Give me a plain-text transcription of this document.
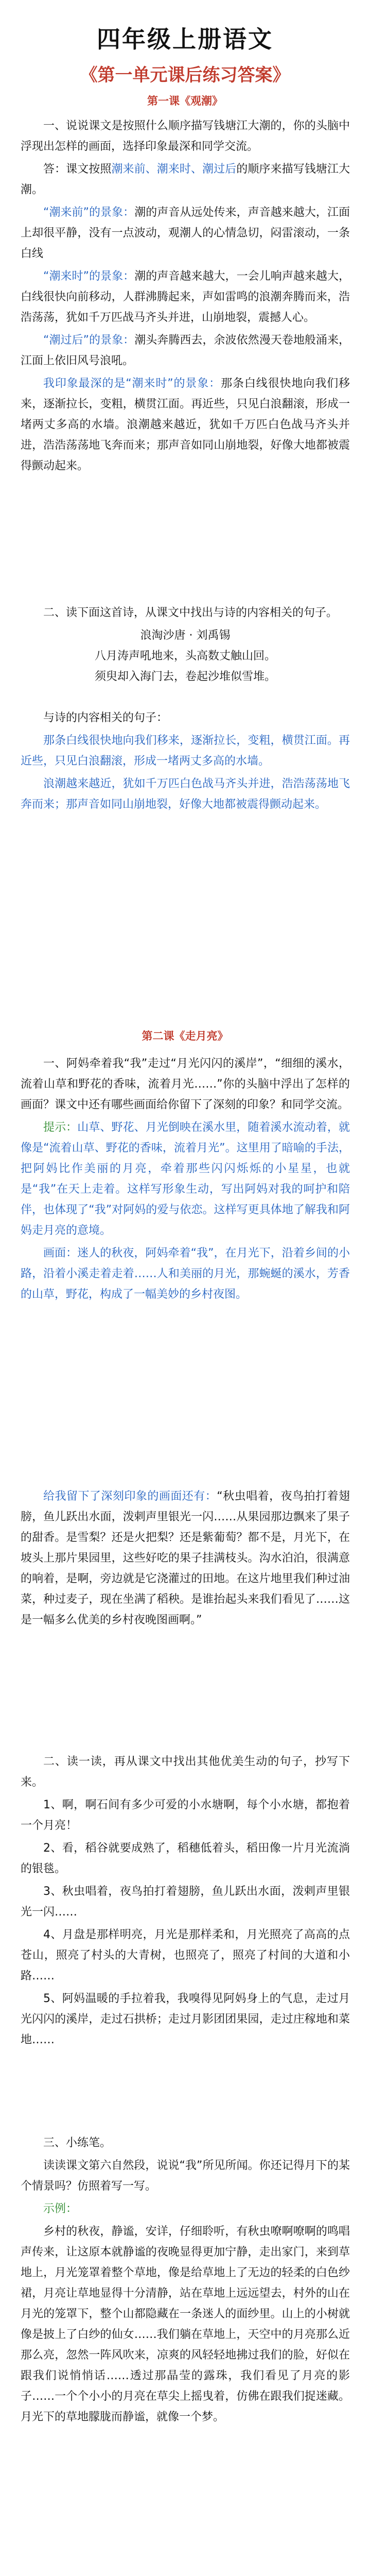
四年级上册语文
《第一单元课后练习答案》
第一课《观潮》

一、说说课文是按照什么顺序描写钱塘江大潮的，你的头脑中浮现出怎样的画面，选择印象最深和同学交流。

答：课文按照潮来前、潮来时、潮过后的顺序来描写钱塘江大潮。

“潮来前”的景象：潮的声音从远处传来，声音越来越大，江面上却很平静，没有一点波动，观潮人的心情急切，闷雷滚动，一条白线

“潮来时”的景象：潮的声音越来越大，一会儿响声越来越大，白线很快向前移动，人群沸腾起来，声如雷鸣的浪潮奔腾而来，浩浩荡荡，犹如千万匹战马齐头并进，山崩地裂，震撼人心。

“潮过后”的景象：潮头奔腾西去，余波依然漫天卷地般涌来，江面上依旧风号浪吼。

我印象最深的是“潮来时”的景象：那条白线很快地向我们移来，逐渐拉长，变粗，横贯江面。再近些，只见白浪翻滚，形成一堵两丈多高的水墙。浪潮越来越近，犹如千万匹白色战马齐头并进，浩浩荡荡地飞奔而来；那声音如同山崩地裂，好像大地都被震得颤动起来。

二、读下面这首诗，从课文中找出与诗的内容相关的句子。

浪淘沙唐 · 刘禹锡

八月涛声吼地来，头高数丈触山回。

须臾却入海门去，卷起沙堆似雪堆。

与诗的内容相关的句子：

那条白线很快地向我们移来，逐渐拉长，变粗，横贯江面。再近些，只见白浪翻滚，形成一堵两丈多高的水墙。

浪潮越来越近，犹如千万匹白色战马齐头并进，浩浩荡荡地飞奔而来；那声音如同山崩地裂，好像大地都被震得颤动起来。

第二课《走月亮》

一、阿妈牵着我“我”走过“月光闪闪的溪岸”，“细细的溪水，流着山草和野花的香味，流着月光……”你的头脑中浮出了怎样的画面？课文中还有哪些画面给你留下了深刻的印象？和同学交流。

提示：山草、野花、月光倒映在溪水里，随着溪水流动着，就像是“流着山草、野花的香味，流着月光”。这里用了暗喻的手法，把阿妈比作美丽的月亮，牵着那些闪闪烁烁的小星星，也就是“我”在天上走着。这样写形象生动，写出阿妈对我的呵护和陪伴，也体现了“我”对阿妈的爱与依恋。这样写更具体地了解我和阿妈走月亮的意境。

画面：迷人的秋夜，阿妈牵着“我”，在月光下，沿着乡间的小路，沿着小溪走着走着……人和美丽的月光，那蜿蜒的溪水，芳香的山草，野花，构成了一幅美妙的乡村夜图。

给我留下了深刻印象的画面还有：“秋虫唱着，夜鸟拍打着翅膀，鱼儿跃出水面，泼剌声里银光一闪……从果园那边飘来了果子的甜香。是雪梨？还是火把梨？还是紫葡萄？都不是，月光下，在坡头上那片果园里，这些好吃的果子挂满枝头。沟水泊泊，很满意的响着，是啊，旁边就是它浇灌过的田地。在这片地里我们种过油菜，种过麦子，现在坐满了稻秧。是谁抬起头来我们看见了……这是一幅多么优美的乡村夜晚图画啊。”

二、读一读，再从课文中找出其他优美生动的句子，抄写下来。

1、啊，啊石间有多少可爱的小水塘啊，每个小水塘，都抱着一个月亮！

2、看，稻谷就要成熟了，稻穗低着头，稻田像一片月光流淌的银毯。

3、秋虫唱着，夜鸟拍打着翅膀，鱼儿跃出水面，泼剌声里银光一闪……

4、月盘是那样明亮，月光是那样柔和，月光照亮了高高的点苍山，照亮了村头的大青树，也照亮了，照亮了村间的大道和小路……

5、阿妈温暖的手拉着我，我嗅得见阿妈身上的气息，走过月光闪闪的溪岸，走过石拱桥；走过月影团团果园，走过庄稼地和菜地……

三、小练笔。

读读课文第六自然段，说说“我”所见所闻。你还记得月下的某个情景吗？仿照着写一写。

示例：

乡村的秋夜，静谧，安详，仔细聆听，有秋虫嘹啊嘹啊的鸣唱声传来，让这原本就静谧的夜晚显得更加宁静，走出家门，来到草地上，月光笼罩着整个草地，像是给草地上了无边的轻柔的白色纱裙，月亮让草地显得十分清静，站在草地上远远望去，村外的山在月光的笼罩下，整个山都隐藏在一条迷人的面纱里。山上的小树就像是披上了白纱的仙女……我们躺在草地上，天空中的月亮那么近那么亮，忽然一阵风吹来，凉爽的风轻轻地拂过我们的脸，好似在跟我们说悄悄话……透过那晶莹的露珠，我们看见了月亮的影子……一个个小小的月亮在草尖上摇曳着，仿佛在跟我们捉迷藏。月光下的草地朦胧而静谧，就像一个梦。
